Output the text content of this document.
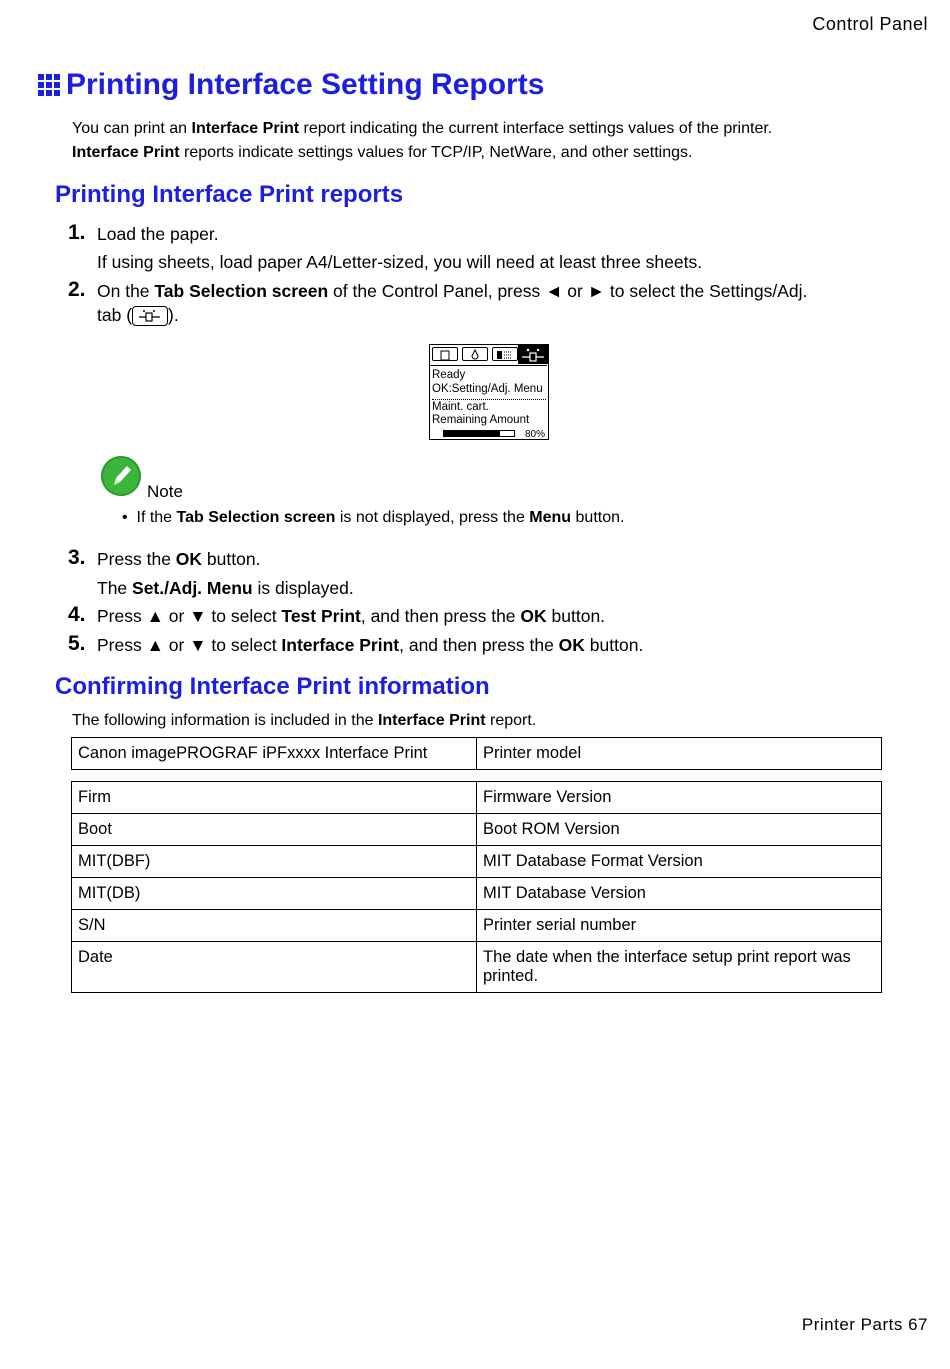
Control Panel
Printing Interface Setting Reports
You can print an Interface Print report indicating the current interface settings values of the printer.
Interface Print reports indicate settings values for TCP/IP, NetWare, and other settings.
Printing Interface Print reports
1. Load the paper.
If using sheets, load paper A4/Letter-sized, you will need at least three sheets.
2. On the Tab Selection screen of the Control Panel, press ◄ or ► to select the Settings/Adj.
tab ( ).
Ready
OK:Setting/Adj. Menu
Maint. cart.
Remaining Amount
80%
Note
•  If the Tab Selection screen is not displayed, press the Menu button.
3. Press the OK button.
The Set./Adj. Menu is displayed.
4. Press ▲ or ▼ to select Test Print, and then press the OK button.
5. Press ▲ or ▼ to select Interface Print, and then press the OK button.
Confirming Interface Print information
The following information is included in the Interface Print report.
Canon imagePROGRAF iPFxxxx Interface Print	Printer model
Firm	Firmware Version
Boot	Boot ROM Version
MIT(DBF)	MIT Database Format Version
MIT(DB)	MIT Database Version
S/N	Printer serial number
Date	The date when the interface setup print report was printed.
Printer Parts 67
